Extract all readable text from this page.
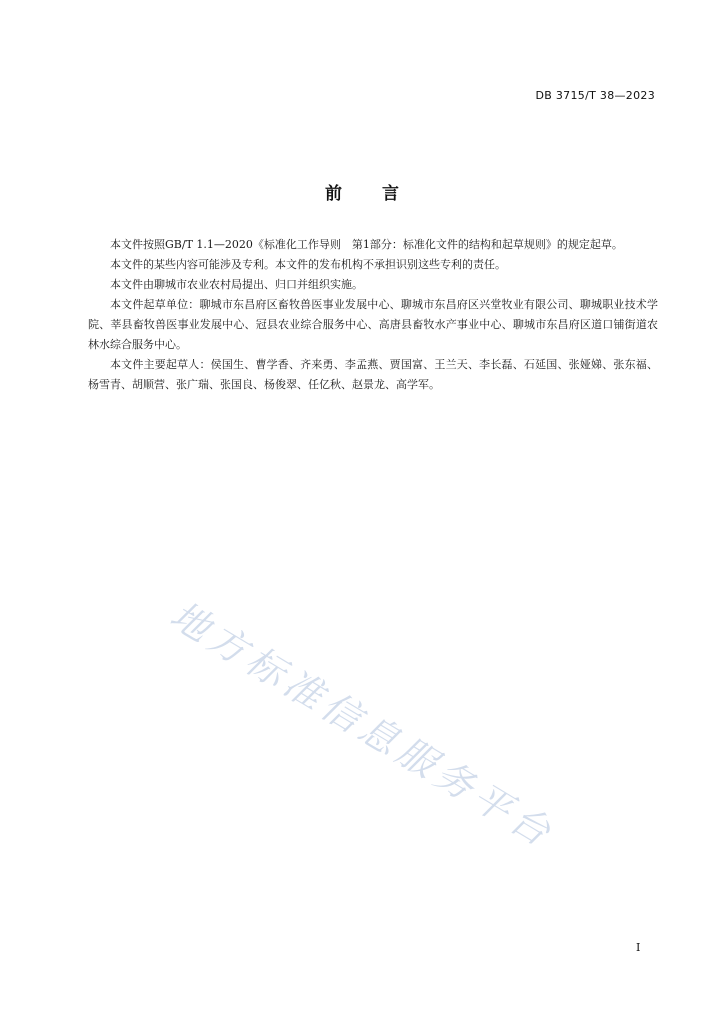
DB 3715/T 38—2023
前言

本文件按照GB/T 1.1—2020《标准化工作导则　第1部分：标准化文件的结构和起草规则》的规定起草。

本文件的某些内容可能涉及专利。本文件的发布机构不承担识别这些专利的责任。

本文件由聊城市农业农村局提出、归口并组织实施。

本文件起草单位：聊城市东昌府区畜牧兽医事业发展中心、聊城市东昌府区兴堂牧业有限公司、聊城职业技术学院、莘县畜牧兽医事业发展中心、冠县农业综合服务中心、高唐县畜牧水产事业中心、聊城市东昌府区道口铺街道农林水综合服务中心。

本文件主要起草人：侯国生、曹学香、齐来勇、李孟燕、贾国富、王兰天、李长磊、石延国、张娅娣、张东福、杨雪青、胡顺营、张广瑞、张国良、杨俊翠、任亿秋、赵景龙、高学军。

地方标准信息服务平台
I
